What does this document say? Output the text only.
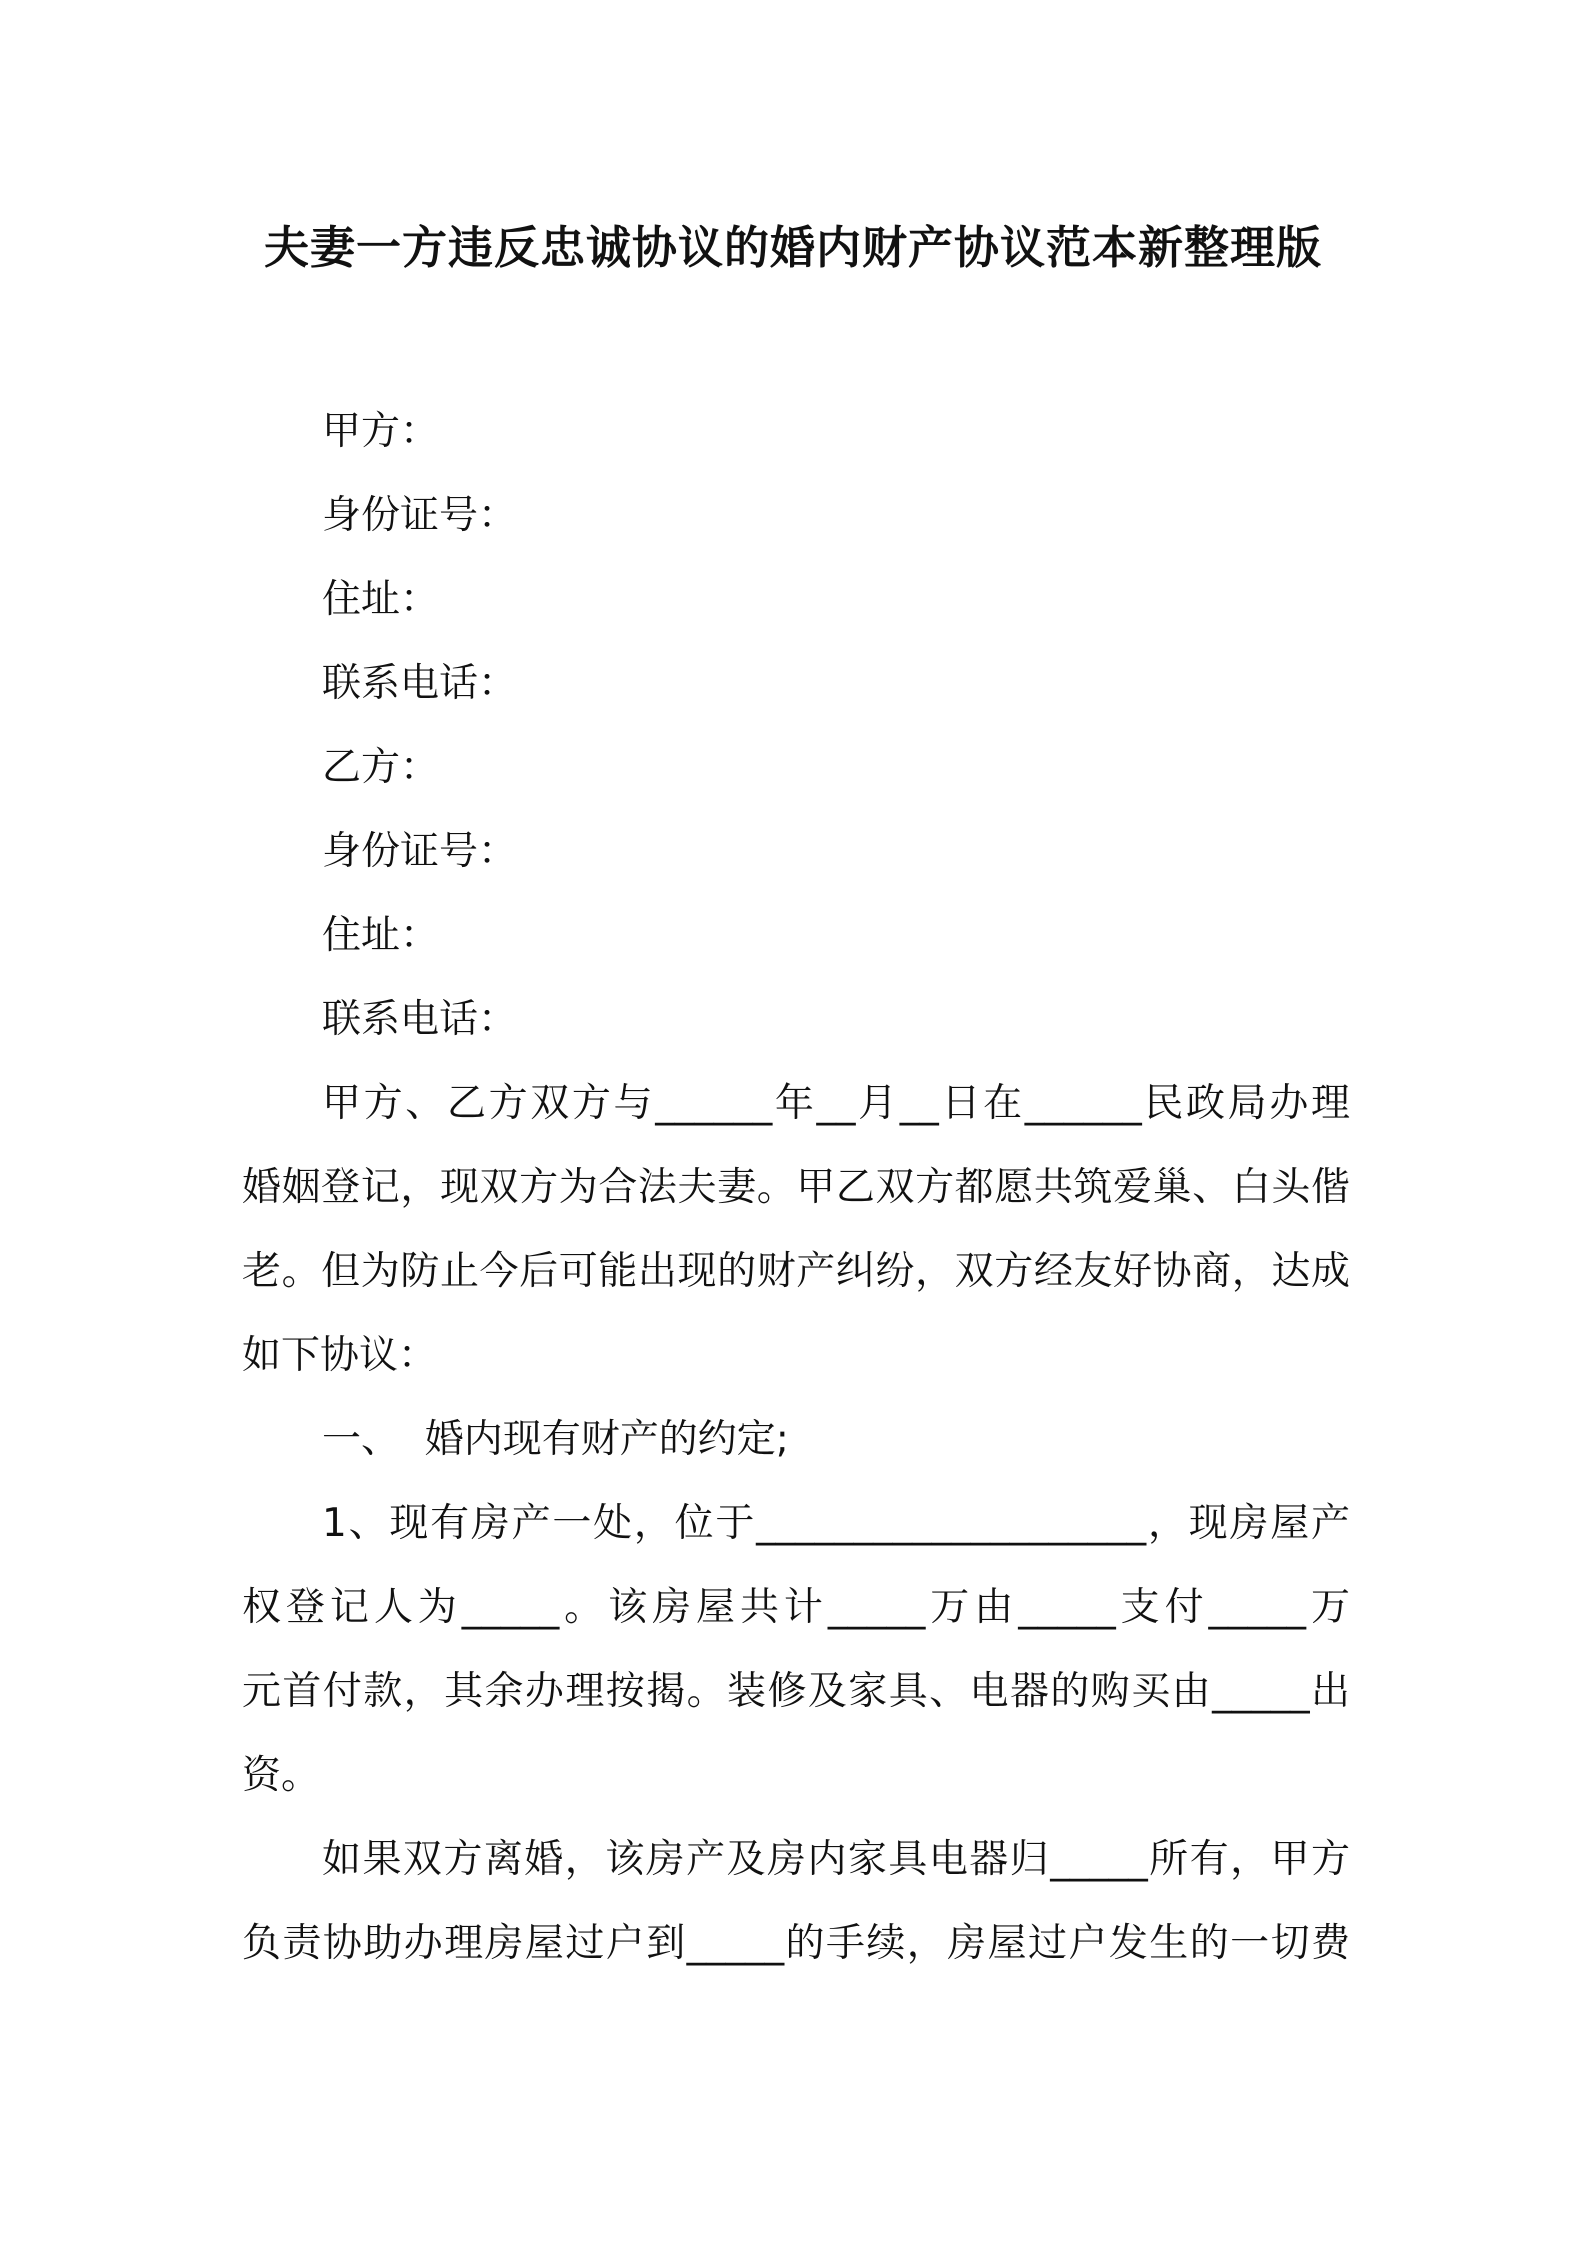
夫妻一方违反忠诚协议的婚内财产协议范本新整理版
甲方：
身份证号：
住址：
联系电话：
乙方：
身份证号：
住址：
联系电话：
甲方、乙方双方与______年__月__日在______民政局办理
婚姻登记，现双方为合法夫妻。甲乙双方都愿共筑爱巢、白头偕
老。但为防止今后可能出现的财产纠纷，双方经友好协商，达成
如下协议：
一、  婚内现有财产的约定;
1、现有房产一处，位于____________________，现房屋产
权登记人为_____。该房屋共计_____万由_____支付_____万
元首付款，其余办理按揭。装修及家具、电器的购买由_____出
资。
如果双方离婚，该房产及房内家具电器归_____所有，甲方
负责协助办理房屋过户到_____的手续，房屋过户发生的一切费
